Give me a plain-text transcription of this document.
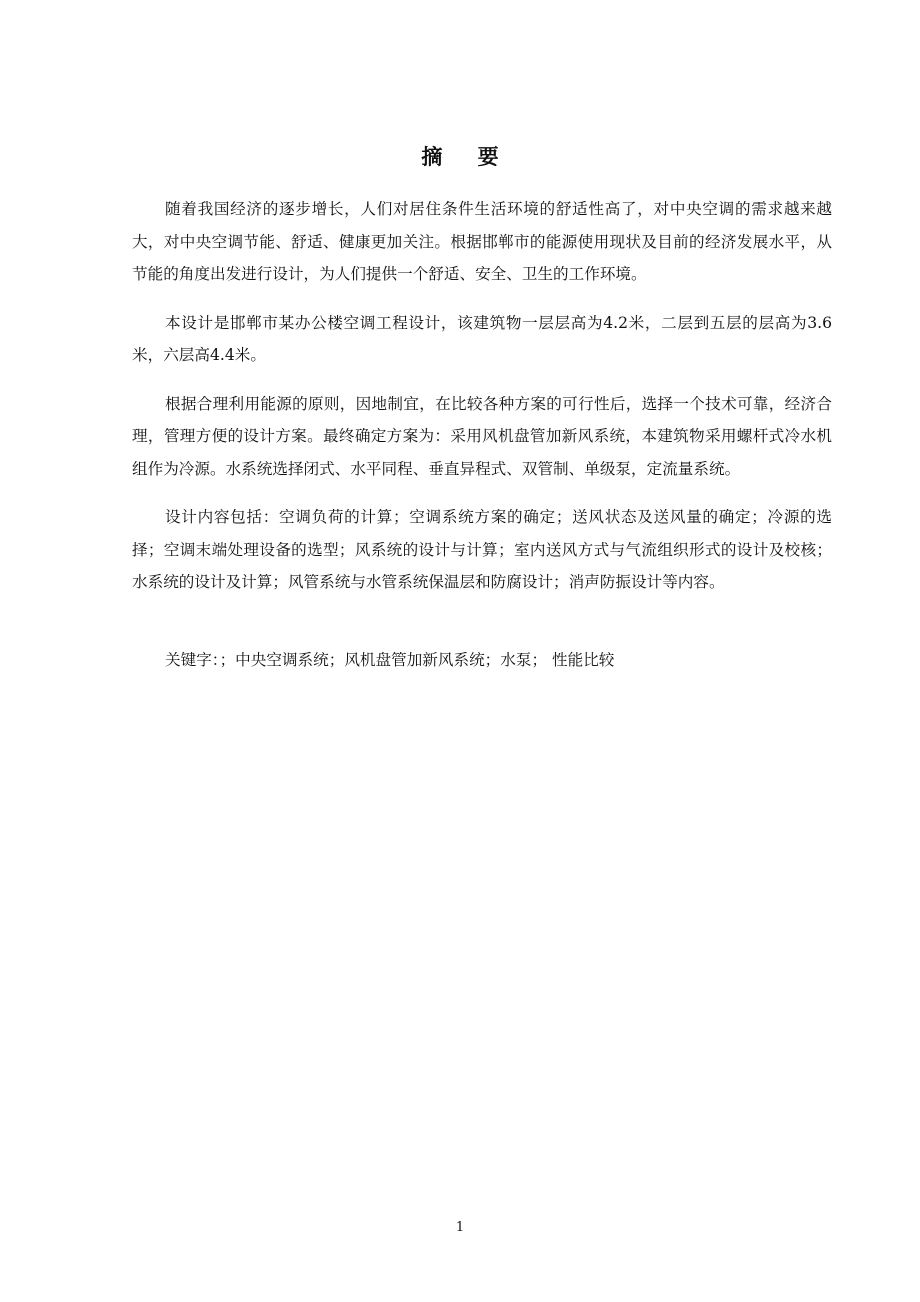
摘 要

随着我国经济的逐步增长，人们对居住条件生活环境的舒适性高了，对中央空调的需求越来越大，对中央空调节能、舒适、健康更加关注。根据邯郸市的能源使用现状及目前的经济发展水平，从节能的角度出发进行设计，为人们提供一个舒适、安全、卫生的工作环境。

本设计是邯郸市某办公楼空调工程设计，该建筑物一层层高为4.2米，二层到五层的层高为3.6米，六层高4.4米。

根据合理利用能源的原则，因地制宜，在比较各种方案的可行性后，选择一个技术可靠，经济合理，管理方便的设计方案。最终确定方案为：采用风机盘管加新风系统，本建筑物采用螺杆式冷水机组作为冷源。水系统选择闭式、水平同程、垂直异程式、双管制、单级泵，定流量系统。

设计内容包括：空调负荷的计算；空调系统方案的确定；送风状态及送风量的确定；冷源的选择；空调末端处理设备的选型；风系统的设计与计算；室内送风方式与气流组织形式的设计及校核；水系统的设计及计算；风管系统与水管系统保温层和防腐设计；消声防振设计等内容。

关键字：；中央空调系统；风机盘管加新风系统；水泵； 性能比较
1
